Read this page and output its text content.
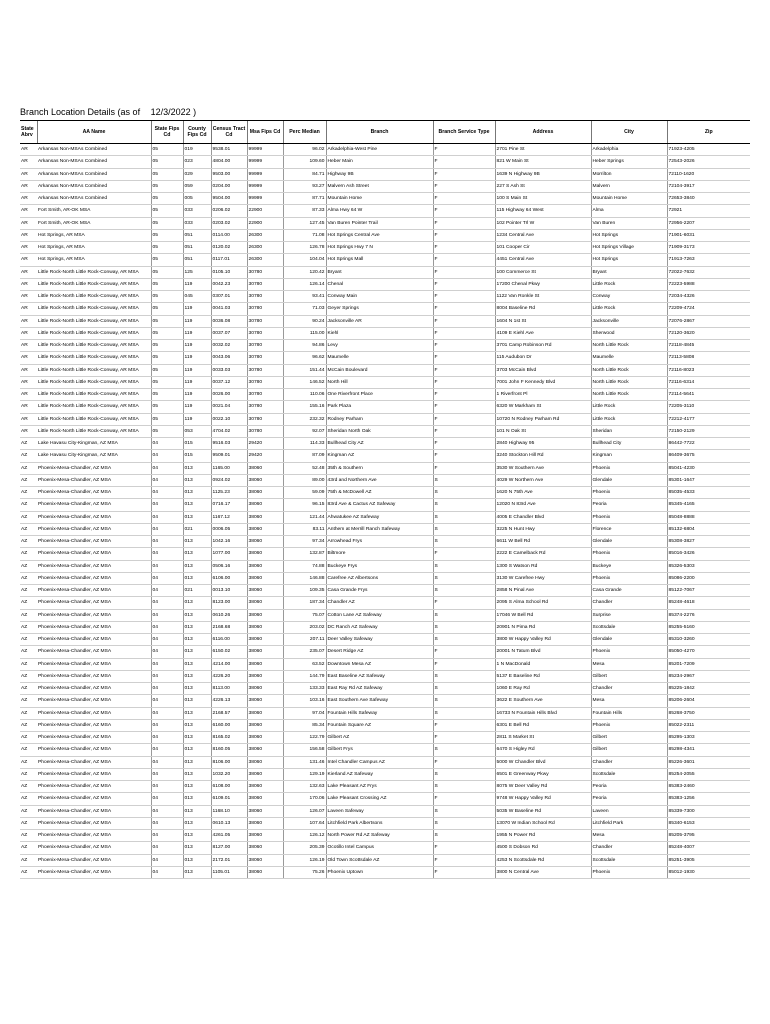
Branch Location Details (as of 12/3/2022 )
State Abrv	AA Name	State Fips Cd	County Fips Cd	Census Tract Cd	Msa Fips Cd	Perc Median	Branch	Branch Service Type	Address	City	Zip
AR	Arkansas Non-MSAs Combined	05	019	9538.01	99999	96.02	Arkadelphia-West Pine	F	2701 Pine St	Arkadelphia	71923-4205
AR	Arkansas Non-MSAs Combined	05	023	4804.00	99999	109.60	Heber Main	F	821 W Main St	Heber Springs	72543-2026
AR	Arkansas Non-MSAs Combined	05	029	9503.00	99999	84.71	Highway 9B	F	1639 N Highway 9B	Morrilton	72110-1620
AR	Arkansas Non-MSAs Combined	05	059	0204.00	99999	93.27	Malvern Ash Street	F	227 S Ash St	Malvern	72104-3917
AR	Arkansas Non-MSAs Combined	05	005	9504.00	99999	87.71	Mountain Home	F	100 S Main St	Mountain Home	72653-3840
AR	Fort Smith, AR-OK MSA	05	033	0206.02	22900	87.33	Alma Hwy 64 W	F	115 Highway 64 West	Alma	72921
AR	Fort Smith, AR-OK MSA	05	033	0203.02	22900	127.45	Van Buren Pointer Trail	F	102 Pointer Trl W	Van Buren	72956-2207
AR	Hot Springs, AR MSA	05	051	0114.00	26300	71.08	Hot Springs Central Ave	F	1234 Central Ave	Hot Springs	71901-6031
AR	Hot Springs, AR MSA	05	051	0120.02	26300	126.78	Hot Springs Hwy 7 N	F	101 Cooper Cir	Hot Springs Village	71909-3173
AR	Hot Springs, AR MSA	05	051	0117.01	26300	104.04	Hot Springs Mall	F	4451 Central Ave	Hot Springs	71913-7263
AR	Little Rock-North Little Rock-Conway, AR MSA	05	125	0105.10	30780	120.42	Bryant	F	100 Commerce St	Bryant	72022-7632
AR	Little Rock-North Little Rock-Conway, AR MSA	05	119	0042.23	30780	126.14	Chenal	F	17200 Chenal Pkwy	Little Rock	72223-5988
AR	Little Rock-North Little Rock-Conway, AR MSA	05	045	0307.01	30780	93.41	Conway Main	F	1122 Van Ronkle St	Conway	72034-4326
AR	Little Rock-North Little Rock-Conway, AR MSA	05	119	0041.03	30780	71.03	Geyer Springs	F	8004 Baseline Rd	Little Rock	72209-4724
AR	Little Rock-North Little Rock-Conway, AR MSA	05	119	0036.08	30780	90.24	Jacksonville AR	F	1604 N 1st St	Jacksonville	72076-2867
AR	Little Rock-North Little Rock-Conway, AR MSA	05	119	0037.07	30780	115.00	Kiehl	F	4109 E Kiehl Ave	Sherwood	72120-3620
AR	Little Rock-North Little Rock-Conway, AR MSA	05	119	0032.02	30780	94.86	Levy	F	3701 Camp Robinson Rd	North Little Rock	72118-4845
AR	Little Rock-North Little Rock-Conway, AR MSA	05	119	0043.06	30780	96.62	Maumelle	F	115 Audubon Dr	Maumelle	72113-5808
AR	Little Rock-North Little Rock-Conway, AR MSA	05	119	0033.03	30780	151.44	McCain Boulevard	F	3703 McCain Blvd	North Little Rock	72116-8023
AR	Little Rock-North Little Rock-Conway, AR MSA	05	119	0037.12	30780	146.52	North Hill	F	7001 John F Kennedy Blvd	North Little Rock	72116-6314
AR	Little Rock-North Little Rock-Conway, AR MSA	05	119	0026.00	30780	110.06	One Riverfront Place	F	1 Riverfront Pl	North Little Rock	72114-5641
AR	Little Rock-North Little Rock-Conway, AR MSA	05	119	0021.04	30780	155.16	Park Plaza	F	6320 W Markham St	Little Rock	72205-3110
AR	Little Rock-North Little Rock-Conway, AR MSA	05	119	0022.10	30780	232.32	Rodney Parham	F	10720 N Rodney Parham Rd	Little Rock	72212-4177
AR	Little Rock-North Little Rock-Conway, AR MSA	05	053	4704.02	30780	92.07	Sheridan North Oak	F	101 N Oak St	Sheridan	72150-2129
AZ	Lake Havasu City-Kingman, AZ MSA	04	015	9516.03	29420	114.33	Bullhead City AZ	F	2840 Highway 95	Bullhead City	86442-7722
AZ	Lake Havasu City-Kingman, AZ MSA	04	015	9509.01	29420	87.09	Kingman AZ	F	3240 Stockton Hill Rd	Kingman	86409-3675
AZ	Phoenix-Mesa-Chandler, AZ MSA	04	013	1165.00	38060	52.48	35th & Southern	F	3530 W Southern Ave	Phoenix	85041-4230
AZ	Phoenix-Mesa-Chandler, AZ MSA	04	013	0924.02	38060	89.00	43rd and Northern Ave	S	4029 W Northern Ave	Glendale	85301-1647
AZ	Phoenix-Mesa-Chandler, AZ MSA	04	013	1125.23	38060	59.09	75th & McDowell AZ	S	1620 N 75th Ave	Phoenix	85035-4533
AZ	Phoenix-Mesa-Chandler, AZ MSA	04	013	0716.17	38060	96.15	83rd Ave & Cactus AZ Safeway	S	12020 N 83rd Ave	Peoria	85345-4165
AZ	Phoenix-Mesa-Chandler, AZ MSA	04	013	1167.12	38060	121.44	Ahwatukee AZ Safeway	S	4005 E Chandler Blvd	Phoenix	85048-8888
AZ	Phoenix-Mesa-Chandler, AZ MSA	04	021	0006.05	38060	83.11	Anthem at Merrill Ranch Safeway	S	3225 N Hunt Hwy	Florence	85132-6804
AZ	Phoenix-Mesa-Chandler, AZ MSA	04	013	1042.16	38060	97.34	Arrowhead Frys	S	6611 W Bell Rd	Glendale	85308-3827
AZ	Phoenix-Mesa-Chandler, AZ MSA	04	013	1077.00	38060	132.87	Biltmore	F	2222 E Camelback Rd	Phoenix	85016-3426
AZ	Phoenix-Mesa-Chandler, AZ MSA	04	013	0506.16	38060	74.88	Buckeye Frys	S	1300 S Watson Rd	Buckeye	85326-5303
AZ	Phoenix-Mesa-Chandler, AZ MSA	04	013	6106.00	38060	146.88	Carefree AZ Albertsons	S	3130 W Carefree Hwy	Phoenix	85086-2200
AZ	Phoenix-Mesa-Chandler, AZ MSA	04	021	0013.10	38060	109.35	Casa Grande Frys	S	2858 N Pinal Ave	Casa Grande	85122-7067
AZ	Phoenix-Mesa-Chandler, AZ MSA	04	013	8123.00	38060	187.34	Chandler AZ	F	2095 S Alma School Rd	Chandler	85248-4618
AZ	Phoenix-Mesa-Chandler, AZ MSA	04	013	0610.26	38060	75.07	Cotton Lane AZ Safeway	S	17046 W Bell Rd	Surprise	85374-2276
AZ	Phoenix-Mesa-Chandler, AZ MSA	04	013	2168.68	38060	203.02	DC Ranch AZ Safeway	S	20901 N Pima Rd	Scottsdale	85255-5160
AZ	Phoenix-Mesa-Chandler, AZ MSA	04	013	6116.00	38060	207.11	Deer Valley Safeway	S	3800 W Happy Valley Rd	Glendale	85310-3260
AZ	Phoenix-Mesa-Chandler, AZ MSA	04	013	6150.02	38060	235.07	Desert Ridge AZ	F	20001 N Tatum Blvd	Phoenix	85050-4270
AZ	Phoenix-Mesa-Chandler, AZ MSA	04	013	4214.00	38060	63.52	Downtown Mesa AZ	F	1 N MacDonald	Mesa	85201-7209
AZ	Phoenix-Mesa-Chandler, AZ MSA	04	013	4226.20	38060	144.79	East Baseline AZ Safeway	S	5137 E Baseline Rd	Gilbert	85234-2967
AZ	Phoenix-Mesa-Chandler, AZ MSA	04	013	8113.00	38060	133.33	East Ray Rd AZ Safeway	S	1060 E Ray Rd	Chandler	85225-1842
AZ	Phoenix-Mesa-Chandler, AZ MSA	04	013	4226.13	38060	103.16	East Southern Ave Safeway	S	3622 E Southern Ave	Mesa	85206-2604
AZ	Phoenix-Mesa-Chandler, AZ MSA	04	013	2168.57	38060	97.04	Fountain Hills Safeway	S	16733 N Fountain Hills Blvd	Fountain Hills	85268-3750
AZ	Phoenix-Mesa-Chandler, AZ MSA	04	013	6160.00	38060	85.34	Fountain Square AZ	F	6301 E Bell Rd	Phoenix	85022-2311
AZ	Phoenix-Mesa-Chandler, AZ MSA	04	013	8165.02	38060	122.79	Gilbert AZ	F	2811 S Market St	Gilbert	85295-1303
AZ	Phoenix-Mesa-Chandler, AZ MSA	04	013	8160.05	38060	156.58	Gilbert Frys	S	6470 S Higley Rd	Gilbert	85298-4341
AZ	Phoenix-Mesa-Chandler, AZ MSA	04	013	8106.00	38060	131.46	Intel Chandler Campus AZ	F	5000 W Chandler Blvd	Chandler	85226-3601
AZ	Phoenix-Mesa-Chandler, AZ MSA	04	013	1032.20	38060	129.19	Kierland AZ Safeway	S	6501 E Greenway Pkwy	Scottsdale	85254-2055
AZ	Phoenix-Mesa-Chandler, AZ MSA	04	013	6108.00	38060	132.63	Lake Pleasant AZ Frys	S	8075 W Deer Valley Rd	Peoria	85383-2460
AZ	Phoenix-Mesa-Chandler, AZ MSA	04	013	6109.01	38060	170.06	Lake Pleasant Crossing AZ	F	9748 W Happy Valley Rd	Peoria	85383-1256
AZ	Phoenix-Mesa-Chandler, AZ MSA	04	013	1168.10	38060	126.07	Laveen Safeway	S	5035 W Baseline Rd	Laveen	85339-7300
AZ	Phoenix-Mesa-Chandler, AZ MSA	04	013	0610.13	38060	107.64	Litchfield Park Albertsons	S	13070 W Indian School Rd	Litchfield Park	85340-6153
AZ	Phoenix-Mesa-Chandler, AZ MSA	04	013	4261.05	38060	126.12	North Power Rd AZ Safeway	S	1955 N Power Rd	Mesa	85205-3795
AZ	Phoenix-Mesa-Chandler, AZ MSA	04	013	8127.00	38060	205.39	Ocotillo Intel Campus	F	4500 S Dobson Rd	Chandler	85248-4007
AZ	Phoenix-Mesa-Chandler, AZ MSA	04	013	2172.01	38060	126.19	Old Town Scottsdale AZ	F	4253 N Scottsdale Rd	Scottsdale	85251-3905
AZ	Phoenix-Mesa-Chandler, AZ MSA	04	013	1105.01	38060	75.26	Phoenix Uptown	F	3800 N Central Ave	Phoenix	85012-1930
